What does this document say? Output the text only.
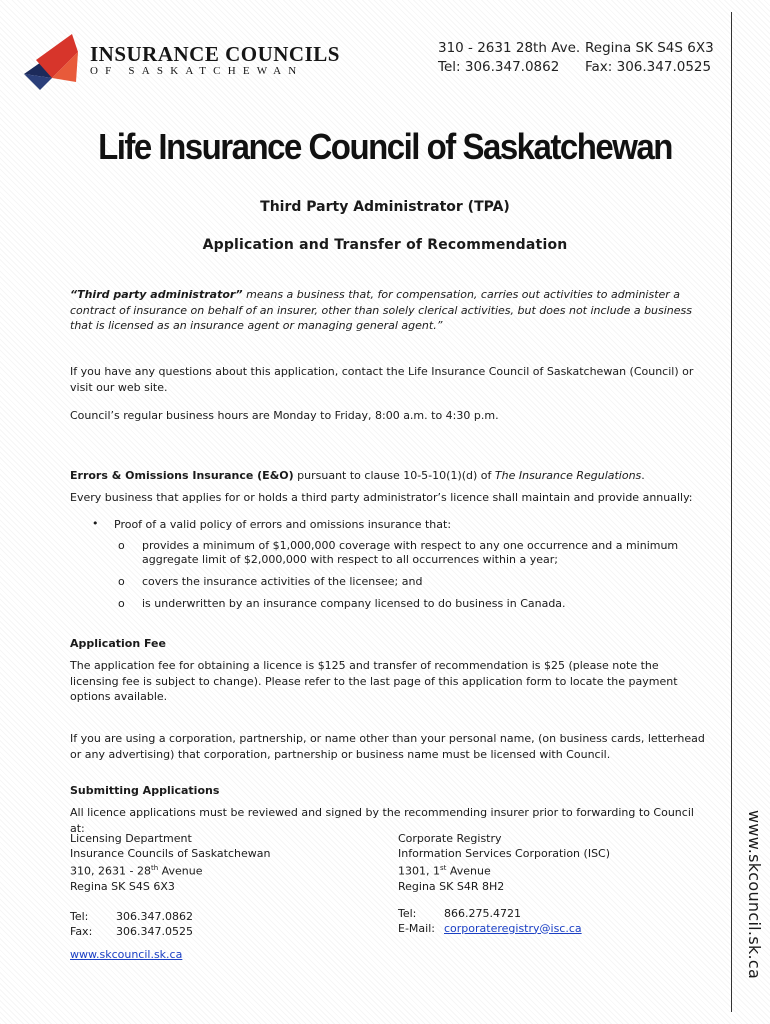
INSURANCE COUNCILS
OF SASKATCHEWAN
310 - 2631 28th Ave. Regina SK S4S 6X3
Tel: 306.347.0862 Fax: 306.347.0525
Life Insurance Council of Saskatchewan
Third Party Administrator (TPA)
Application and Transfer of Recommendation
“Third party administrator” means a business that, for compensation, carries out activities to administer a contract of insurance on behalf of an insurer, other than solely clerical activities, but does not include a business that is licensed as an insurance agent or managing general agent.”
If you have any questions about this application, contact the Life Insurance Council of Saskatchewan (Council) or visit our web site.
Council’s regular business hours are Monday to Friday, 8:00 a.m. to 4:30 p.m.
Errors & Omissions Insurance (E&O) pursuant to clause 10-5-10(1)(d) of The Insurance Regulations.
Every business that applies for or holds a third party administrator’s licence shall maintain and provide annually:
• Proof of a valid policy of errors and omissions insurance that:
o provides a minimum of $1,000,000 coverage with respect to any one occurrence and a minimum aggregate limit of $2,000,000 with respect to all occurrences within a year;
o covers the insurance activities of the licensee; and
o is underwritten by an insurance company licensed to do business in Canada.
Application Fee
The application fee for obtaining a licence is $125 and transfer of recommendation is $25 (please note the licensing fee is subject to change). Please refer to the last page of this application form to locate the payment options available.
If you are using a corporation, partnership, or name other than your personal name, (on business cards, letterhead or any advertising) that corporation, partnership or business name must be licensed with Council.
Submitting Applications
All licence applications must be reviewed and signed by the recommending insurer prior to forwarding to Council at:
Licensing Department
Insurance Councils of Saskatchewan
310, 2631 - 28th Avenue
Regina SK S4S 6X3
Tel:	306.347.0862
Fax: 306.347.0525
www.skcouncil.sk.ca
Corporate Registry
Information Services Corporation (ISC)
1301, 1st Avenue
Regina SK S4R 8H2
Tel:	866.275.4721
E-Mail: corporateregistry@isc.ca	www.skcouncil.sk.ca
